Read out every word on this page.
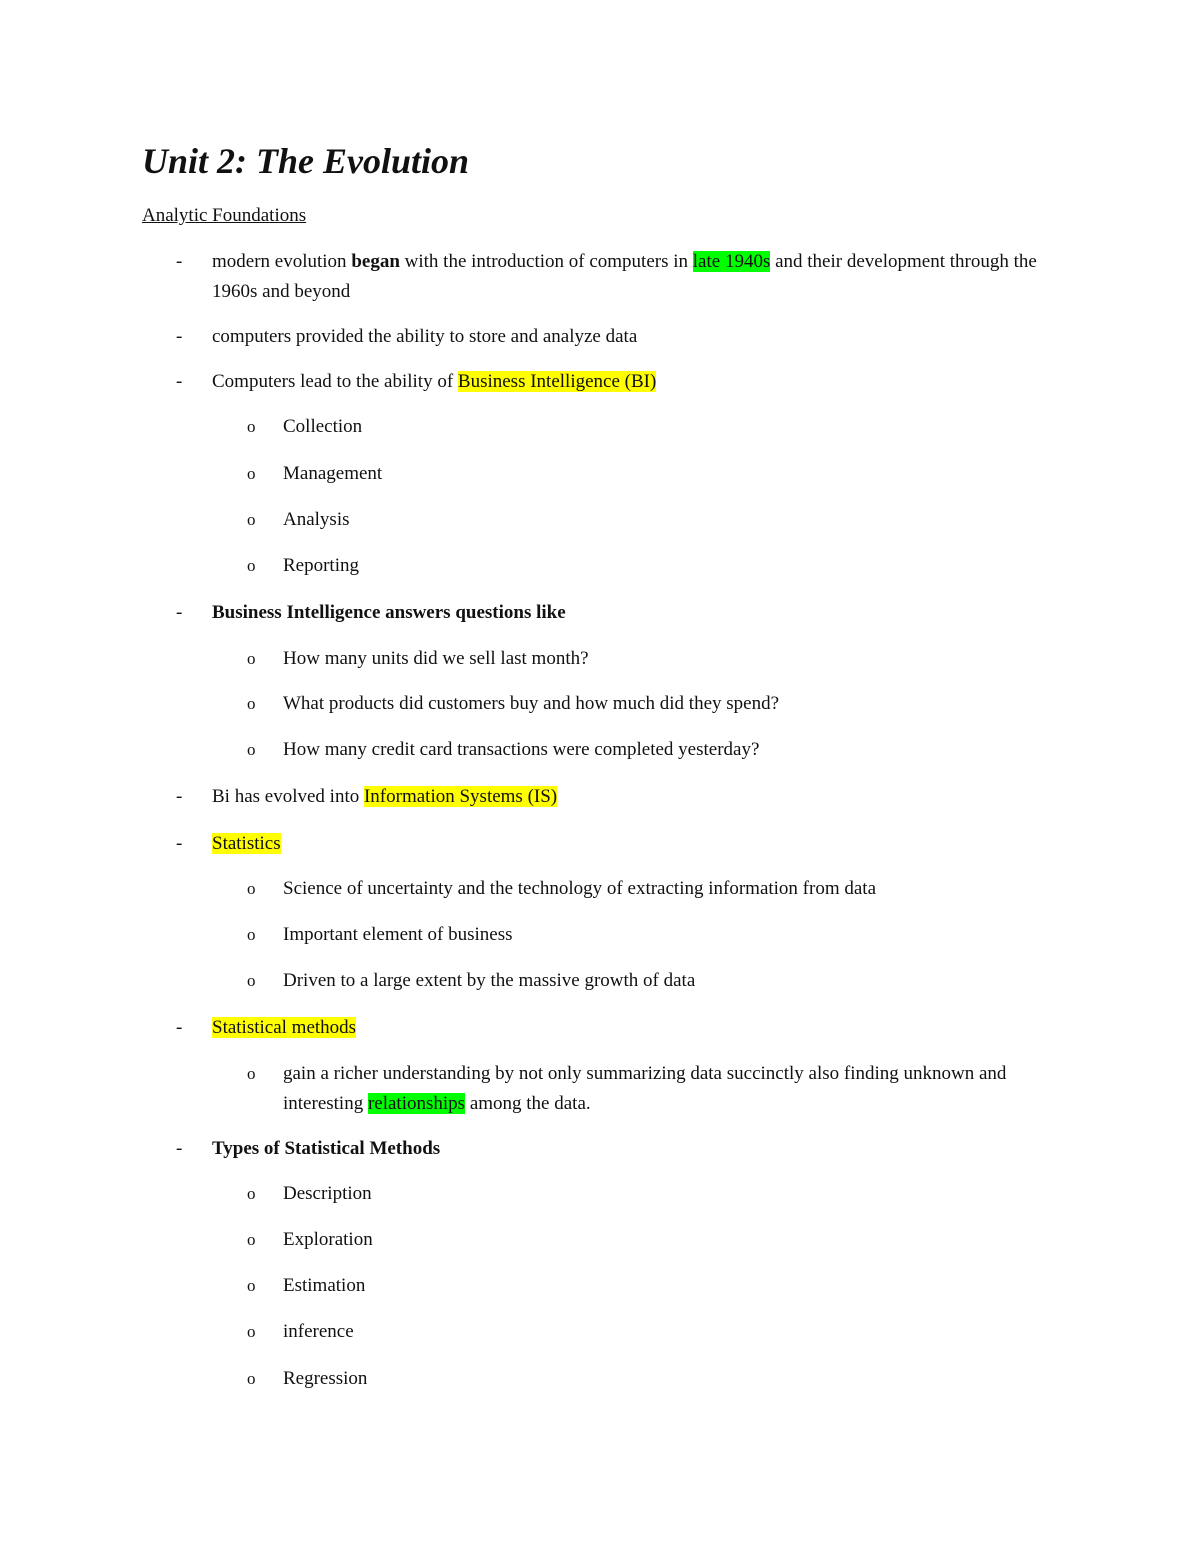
Unit 2: The Evolution
Analytic Foundations
-	modern evolution began with the introduction of computers in late 1940s and their development through the 1960s and beyond
-	computers provided the ability to store and analyze data
-	Computers lead to the ability of Business Intelligence (BI)
o	Collection
o	Management
o	Analysis
o	Reporting
-	Business Intelligence answers questions like
o	How many units did we sell last month?
o	What products did customers buy and how much did they spend?
o	How many credit card transactions were completed yesterday?
-	Bi has evolved into Information Systems (IS)
-	Statistics
o	Science of uncertainty and the technology of extracting information from data
o	Important element of business
o	Driven to a large extent by the massive growth of data
-	Statistical methods
o	gain a richer understanding by not only summarizing data succinctly also finding unknown and interesting relationships among the data.
-	Types of Statistical Methods
o	Description
o	Exploration
o	Estimation
o	inference
o	Regression
